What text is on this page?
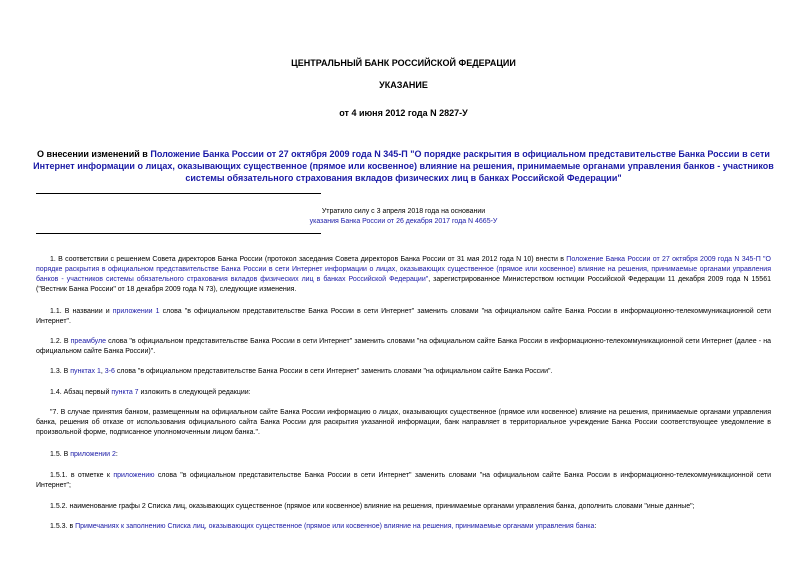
ЦЕНТРАЛЬНЫЙ БАНК РОССИЙСКОЙ ФЕДЕРАЦИИ
УКАЗАНИЕ
от 4 июня 2012 года N 2827-У
О внесении изменений в Положение Банка России от 27 октября 2009 года N 345-П "О порядке раскрытия в официальном представительстве Банка России в сети Интернет информации о лицах, оказывающих существенное (прямое или косвенное) влияние на решения, принимаемые органами управления банков - участников системы обязательного страхования вкладов физических лиц в банках Российской Федерации"
Утратило силу с 3 апреля 2018 года на основании
указания Банка России от 26 декабря 2017 года N 4665-У

1. В соответствии с решением Совета директоров Банка России (протокол заседания Совета директоров Банка России от 31 мая 2012 года N 10) внести в Положение Банка России от 27 октября 2009 года N 345-П "О порядке раскрытия в официальном представительстве Банка России в сети Интернет информации о лицах, оказывающих существенное (прямое или косвенное) влияние на решения, принимаемые органами управления банков - участников системы обязательного страхования вкладов физических лиц в банках Российской Федерации", зарегистрированное Министерством юстиции Российской Федерации 11 декабря 2009 года N 15561 ("Вестник Банка России" от 18 декабря 2009 года N 73), следующие изменения.

1.1. В названии и приложении 1 слова "в официальном представительстве Банка России в сети Интернет" заменить словами "на официальном сайте Банка России в информационно-телекоммуникационной сети Интернет".

1.2. В преамбуле слова "в официальном представительстве Банка России в сети Интернет" заменить словами "на официальном сайте Банка России в информационно-телекоммуникационной сети Интернет (далее - на официальном сайте Банка России)".

1.3. В пунктах 1, 3-6 слова "в официальном представительстве Банка России в сети Интернет" заменить словами "на официальном сайте Банка России".

1.4. Абзац первый пункта 7 изложить в следующей редакции:

"7. В случае принятия банком, размещенным на официальном сайте Банка России информацию о лицах, оказывающих существенное (прямое или косвенное) влияние на решения, принимаемые органами управления банка, решения об отказе от использования официального сайта Банка России для раскрытия указанной информации, банк направляет в территориальное учреждение Банка России соответствующее уведомление в произвольной форме, подписанное уполномоченным лицом банка.".

1.5. В приложении 2:

1.5.1. в отметке к приложению слова "в официальном представительстве Банка России в сети Интернет" заменить словами "на официальном сайте Банка России в информационно-телекоммуникационной сети Интернет";

1.5.2. наименование графы 2 Списка лиц, оказывающих существенное (прямое или косвенное) влияние на решения, принимаемые органами управления банка, дополнить словами "иные данные";

1.5.3. в Примечаниях к заполнению Списка лиц, оказывающих существенное (прямое или косвенное) влияние на решения, принимаемые органами управления банка:
